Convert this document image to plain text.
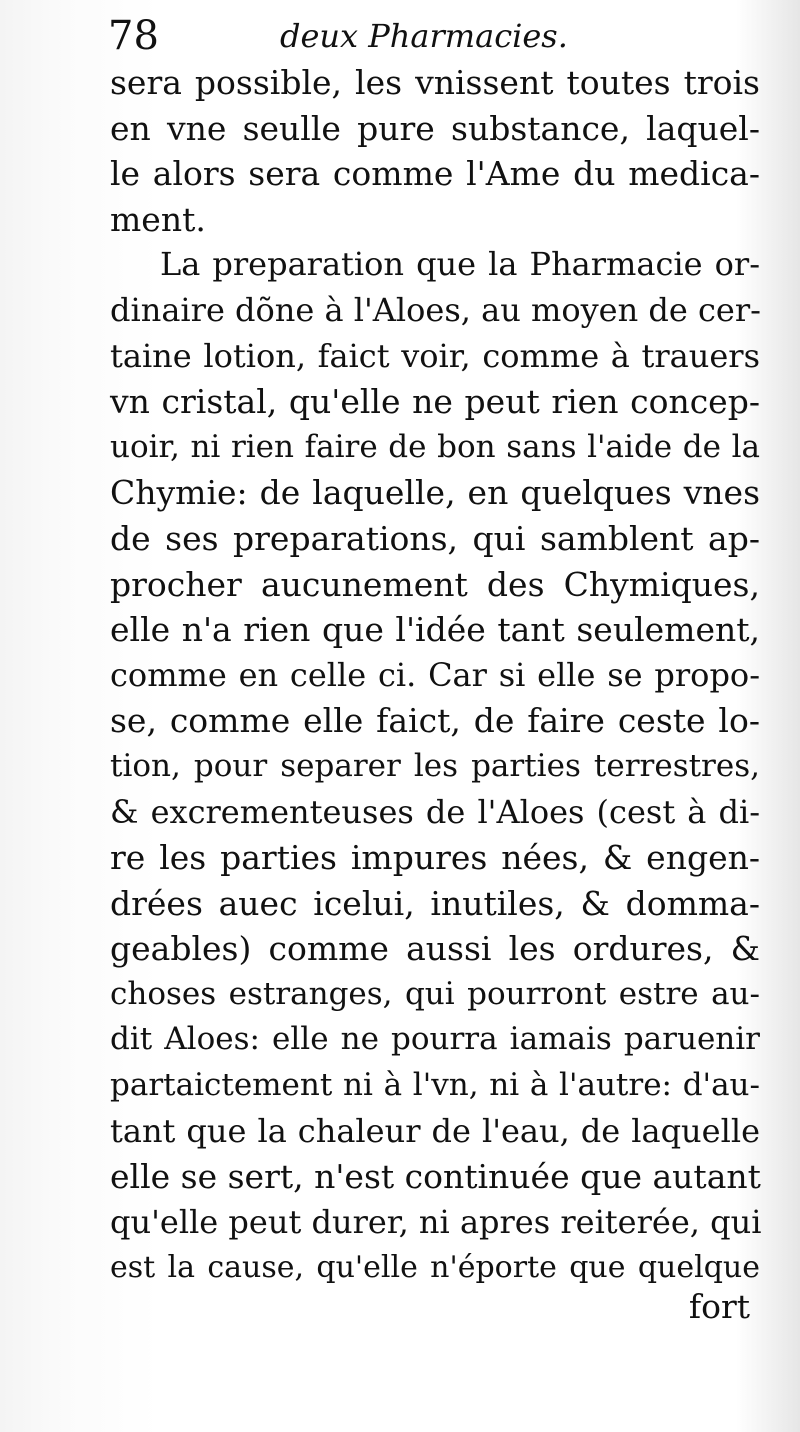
78	deux Pharmacies.
sera possible, les vnissent toutes trois
en vne seulle pure substance, laquel-
le alors sera comme l'Ame du medica-
ment.
La preparation que la Pharmacie or-
dinaire dõne à l'Aloes, au moyen de cer-
taine lotion, faict voir, comme à trauers
vn cristal, qu'elle ne peut rien concep-
uoir, ni rien faire de bon sans l'aide de la
Chymie: de laquelle, en quelques vnes
de ses preparations, qui samblent ap-
procher aucunement des Chymiques,
elle n'a rien que l'idée tant seulement,
comme en celle ci. Car si elle se propo-
se, comme elle faict, de faire ceste lo-
tion, pour separer les parties terrestres,
& excrementeuses de l'Aloes (cest à di-
re les parties impures nées, & engen-
drées auec icelui, inutiles, & domma-
geables) comme aussi les ordures, &
choses estranges, qui pourront estre au-
dit Aloes: elle ne pourra iamais paruenir
partaictement ni à l'vn, ni à l'autre: d'au-
tant que la chaleur de l'eau, de laquelle
elle se sert, n'est continuée que autant
qu'elle peut durer, ni apres reiterée, qui
est la cause, qu'elle n'éporte que quelque
fort
